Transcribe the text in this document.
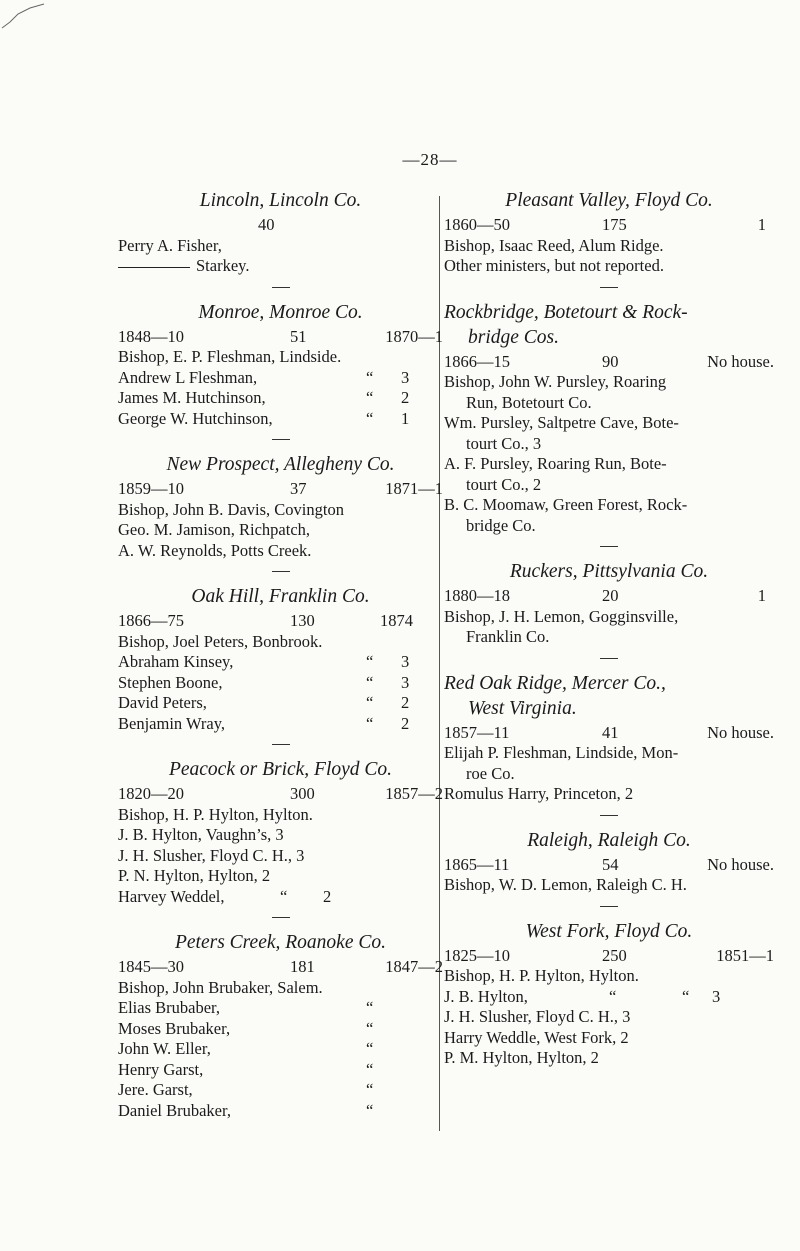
—28—
Lincoln, Lincoln Co.
40
Perry A. Fisher,
Starkey.
Monroe, Monroe Co.
1848—10	51	1870—1
Bishop, E. P. Fleshman, Lindside.
Andrew L Fleshman,	“ 3
James M. Hutchinson,	“ 2
George W. Hutchinson,	“ 1
New Prospect, Allegheny Co.
1859—10	37	1871—1
Bishop, John B. Davis, Covington
Geo. M. Jamison, Richpatch,
A. W. Reynolds, Potts Creek.
Oak Hill, Franklin Co.
1866—75	130	1874
Bishop, Joel Peters, Bonbrook.
Abraham Kinsey,	“ 3
Stephen Boone,	“ 3
David Peters,	“ 2
Benjamin Wray,	“ 2
Peacock or Brick, Floyd Co.
1820—20	300	1857—2
Bishop, H. P. Hylton, Hylton.
J. B. Hylton, Vaughn’s, 3
J. H. Slusher, Floyd C. H., 3
P. N. Hylton, Hylton, 2
Harvey Weddel,	“ 2
Peters Creek, Roanoke Co.
1845—30	181	1847—2
Bishop, John Brubaker, Salem.
Elias Brubaber,	“
Moses Brubaker,	“
John W. Eller,	“
Henry Garst,	“
Jere. Garst,	“
Daniel Brubaker,	“
Pleasant Valley, Floyd Co.
1860—50	175	1
Bishop, Isaac Reed, Alum Ridge.
Other ministers, but not reported.
Rockbridge, Botetourt & Rock-
bridge Cos.
1866—15	90	No house.
Bishop, John W. Pursley, Roaring
Run, Botetourt Co.
Wm. Pursley, Saltpetre Cave, Bote-
tourt Co., 3
A. F. Pursley, Roaring Run, Bote-
tourt Co., 2
B. C. Moomaw, Green Forest, Rock-
bridge Co.
Ruckers, Pittsylvania Co.
1880—18	20	1
Bishop, J. H. Lemon, Gogginsville,
Franklin Co.
Red Oak Ridge, Mercer Co.,
West Virginia.
1857—11	41	No house.
Elijah P. Fleshman, Lindside, Mon-
roe Co.
Romulus Harry, Princeton, 2
Raleigh, Raleigh Co.
1865—11	54	No house.
Bishop, W. D. Lemon, Raleigh C. H.
West Fork, Floyd Co.
1825—10	250	1851—1
Bishop, H. P. Hylton, Hylton.
J. B. Hylton,	“	“ 3
J. H. Slusher, Floyd C. H., 3
Harry Weddle, West Fork, 2
P. M. Hylton, Hylton, 2
